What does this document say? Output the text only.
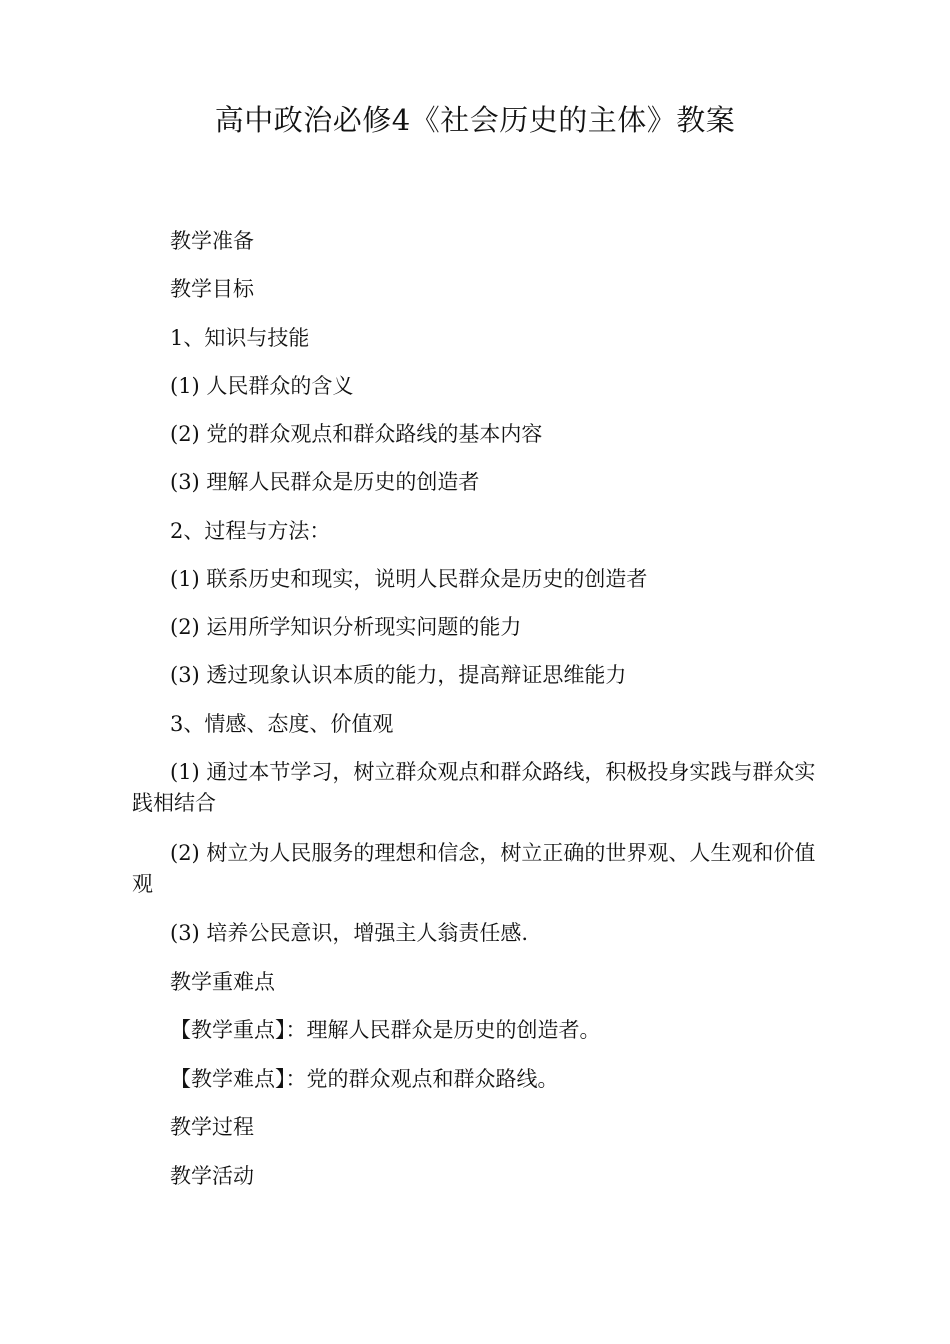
高中政治必修4《社会历史的主体》教案

教学准备

教学目标

1、知识与技能

(1) 人民群众的含义

(2) 党的群众观点和群众路线的基本内容

(3) 理解人民群众是历史的创造者

2、过程与方法：

(1) 联系历史和现实，说明人民群众是历史的创造者

(2) 运用所学知识分析现实问题的能力

(3) 透过现象认识本质的能力，提高辩证思维能力

3、情感、态度、价值观

(1) 通过本节学习，树立群众观点和群众路线，积极投身实践与群众实践相结合

(2) 树立为人民服务的理想和信念，树立正确的世界观、人生观和价值观

(3) 培养公民意识，增强主人翁责任感.

教学重难点

【教学重点】：理解人民群众是历史的创造者。

【教学难点】：党的群众观点和群众路线。

教学过程

教学活动
